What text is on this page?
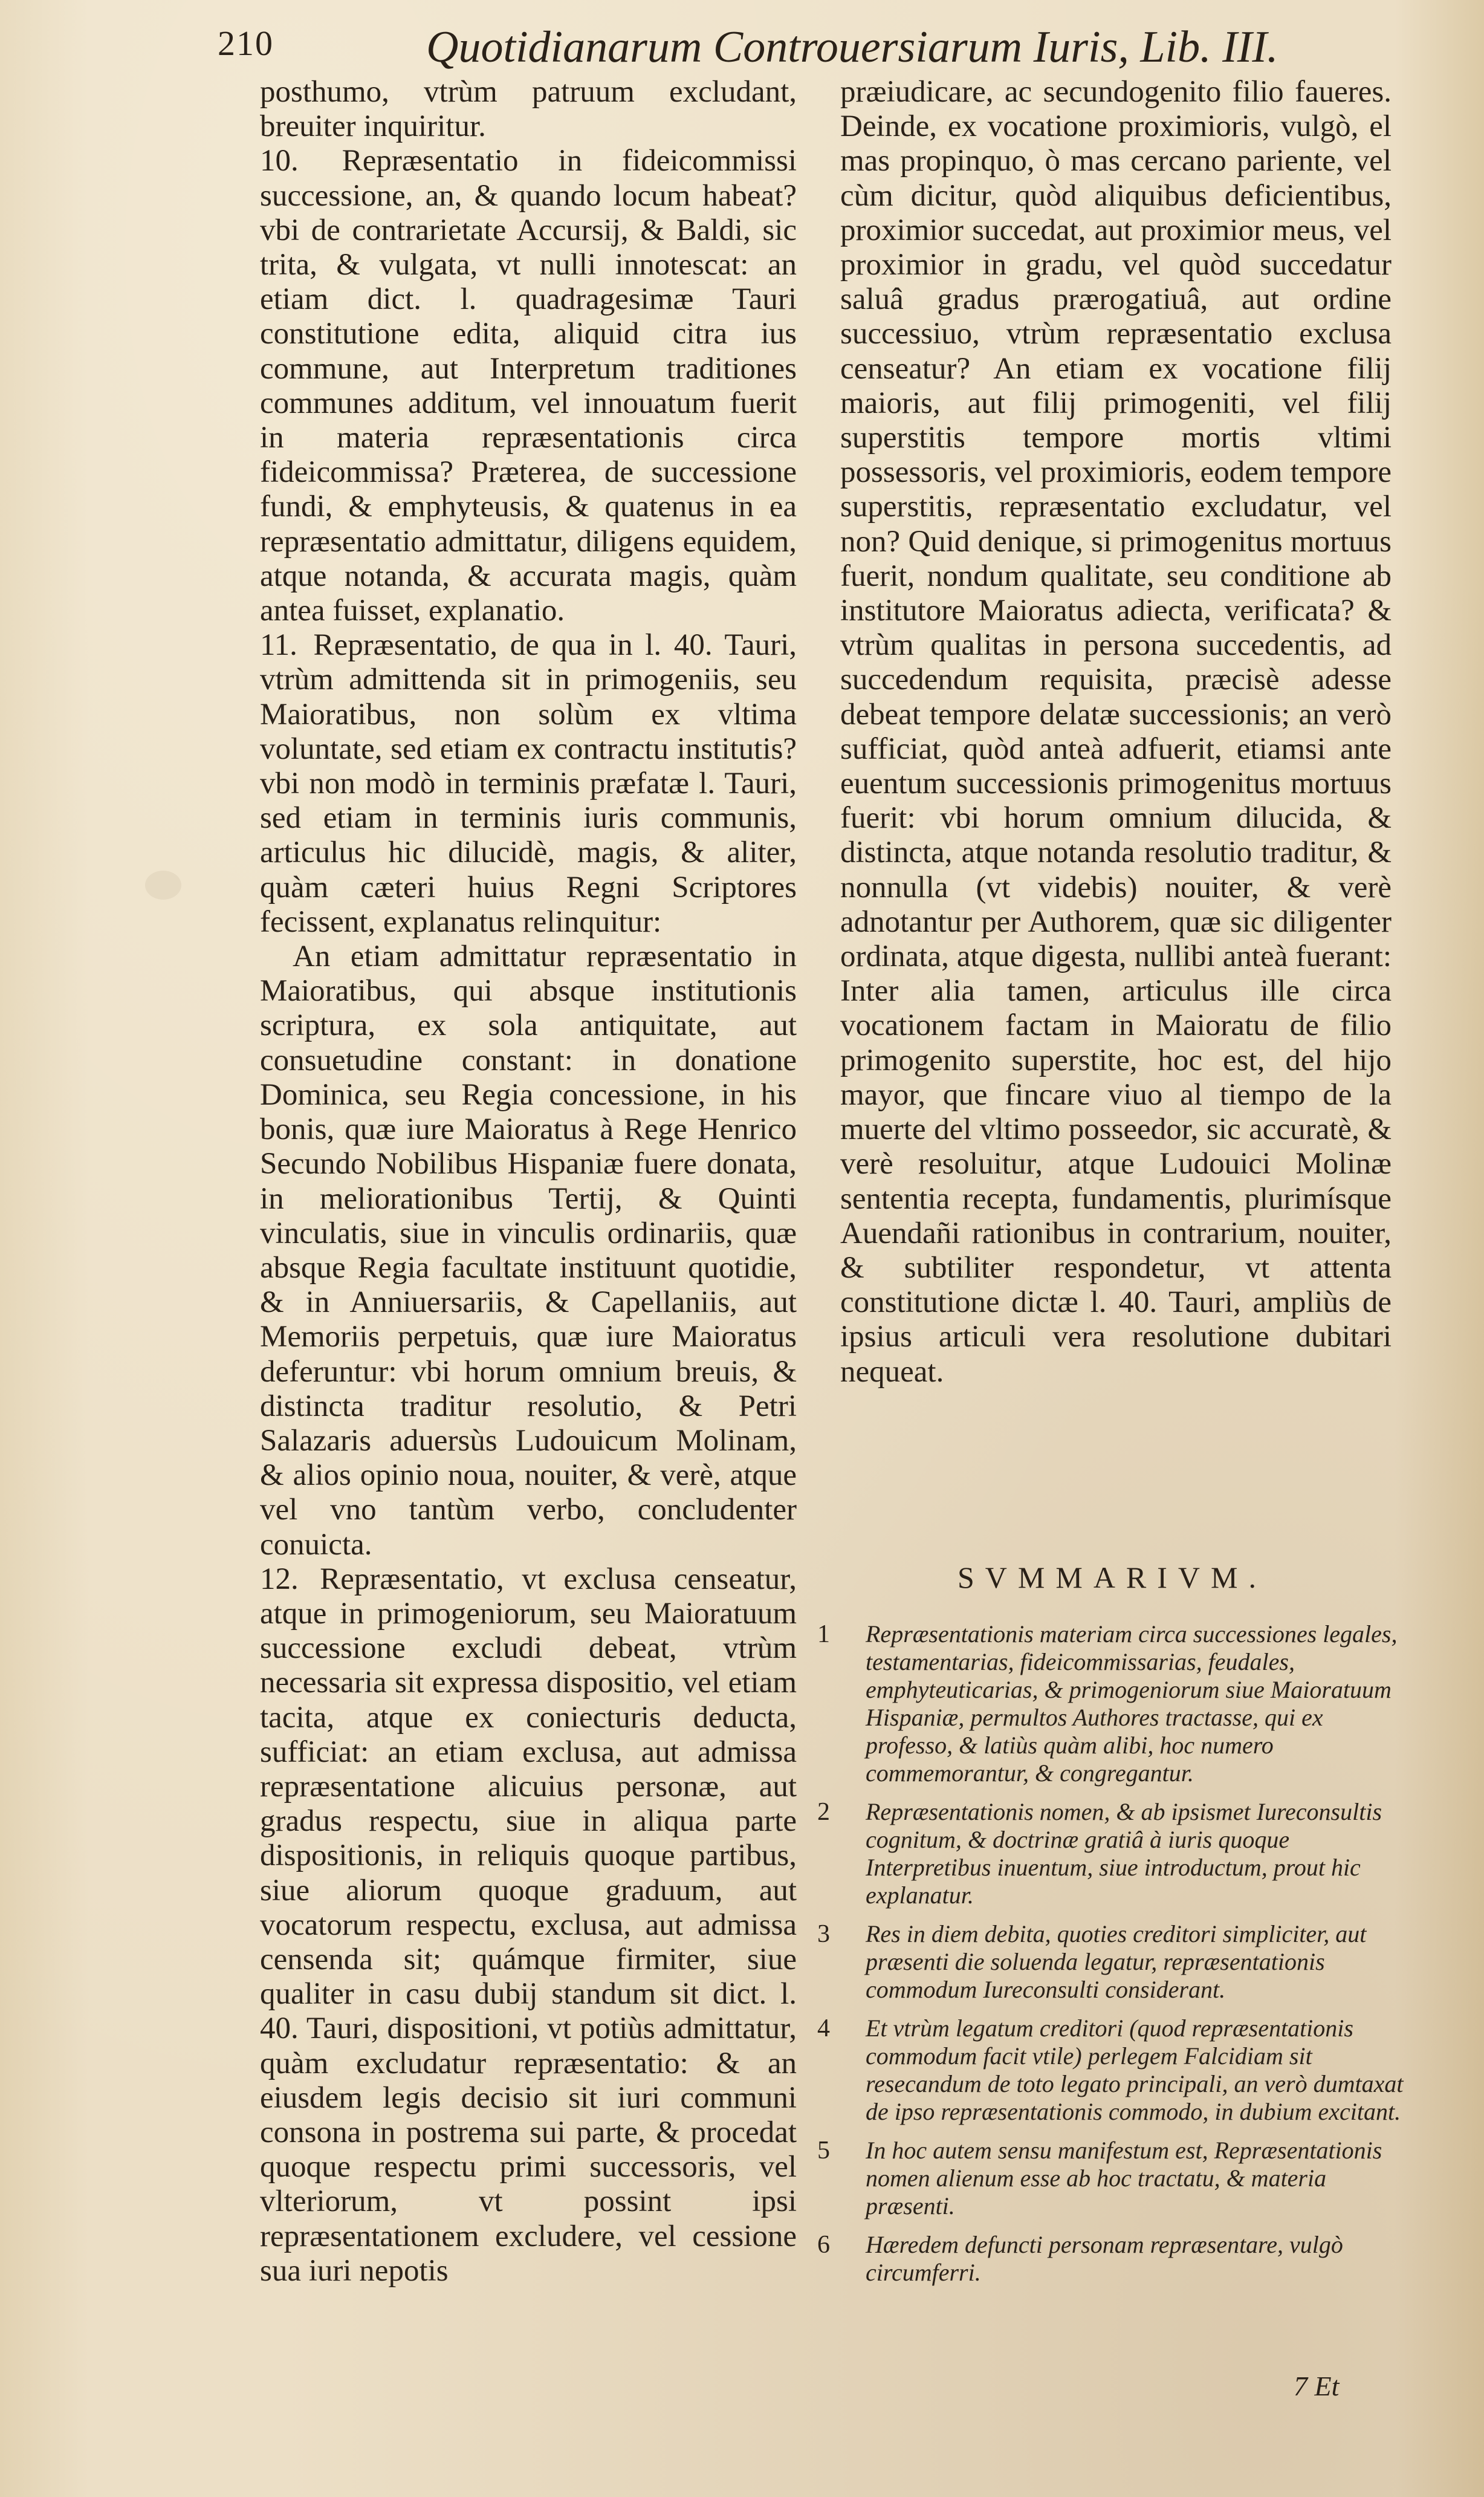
210	Quotidianarum Controuersiarum Iuris, Lib. III.

posthumo, vtrùm patruum excludant, breuiter inquiritur.

10. Repræsentatio in fideicommissi successione, an, & quando locum habeat? vbi de contrarietate Accursij, & Baldi, sic trita, & vulgata, vt nulli innotescat: an etiam dict. l. quadragesimæ Tauri constitutione edita, aliquid citra ius commune, aut Interpretum traditiones communes additum, vel innouatum fuerit in materia repræsentationis circa fideicommissa? Præterea, de successione fundi, & emphyteusis, & quatenus in ea repræsentatio admittatur, diligens equidem, atque notanda, & accurata magis, quàm antea fuisset, explanatio.

11. Repræsentatio, de qua in l. 40. Tauri, vtrùm admittenda sit in primogeniis, seu Maioratibus, non solùm ex vltima voluntate, sed etiam ex contractu institutis? vbi non modò in terminis præfatæ l. Tauri, sed etiam in terminis iuris communis, articulus hic dilucidè, magis, & aliter, quàm cæteri huius Regni Scriptores fecissent, explanatus relinquitur:

An etiam admittatur repræsentatio in Maioratibus, qui absque institutionis scriptura, ex sola antiquitate, aut consuetudine constant: in donatione Dominica, seu Regia concessione, in his bonis, quæ iure Maioratus à Rege Henrico Secundo Nobilibus Hispaniæ fuere donata, in meliorationibus Tertij, & Quinti vinculatis, siue in vinculis ordinariis, quæ absque Regia facultate instituunt quotidie, & in Anniuersariis, & Capellaniis, aut Memoriis perpetuis, quæ iure Maioratus deferuntur: vbi horum omnium breuis, & distincta traditur resolutio, & Petri Salazaris aduersùs Ludouicum Molinam, & alios opinio noua, nouiter, & verè, atque vel vno tantùm verbo, concludenter conuicta.

12. Repræsentatio, vt exclusa censeatur, atque in primogeniorum, seu Maioratuum successione excludi debeat, vtrùm necessaria sit expressa dispositio, vel etiam tacita, atque ex coniecturis deducta, sufficiat: an etiam exclusa, aut admissa repræsentatione alicuius personæ, aut gradus respectu, siue in aliqua parte dispositionis, in reliquis quoque partibus, siue aliorum quoque graduum, aut vocatorum respectu, exclusa, aut admissa censenda sit; quámque firmiter, siue qualiter in casu dubij standum sit dict. l. 40. Tauri, dispositioni, vt potiùs admittatur, quàm excludatur repræsentatio: & an eiusdem legis decisio sit iuri communi consona in postrema sui parte, & procedat quoque respectu primi successoris, vel vlteriorum, vt possint ipsi repræsentationem excludere, vel cessione sua iuri nepotis

præiudicare, ac secundogenito filio faueres. Deinde, ex vocatione proximioris, vulgò, el mas propinquo, ò mas cercano pariente, vel cùm dicitur, quòd aliquibus deficientibus, proximior succedat, aut proximior meus, vel proximior in gradu, vel quòd succedatur saluâ gradus prærogatiuâ, aut ordine successiuo, vtrùm repræsentatio exclusa censeatur? An etiam ex vocatione filij maioris, aut filij primogeniti, vel filij superstitis tempore mortis vltimi possessoris, vel proximioris, eodem tempore superstitis, repræsentatio excludatur, vel non? Quid denique, si primogenitus mortuus fuerit, nondum qualitate, seu conditione ab institutore Maioratus adiecta, verificata? & vtrùm qualitas in persona succedentis, ad succedendum requisita, præcisè adesse debeat tempore delatæ successionis; an verò sufficiat, quòd anteà adfuerit, etiamsi ante euentum successionis primogenitus mortuus fuerit: vbi horum omnium dilucida, & distincta, atque notanda resolutio traditur, & nonnulla (vt videbis) nouiter, & verè adnotantur per Authorem, quæ sic diligenter ordinata, atque digesta, nullibi anteà fuerant: Inter alia tamen, articulus ille circa vocationem factam in Maioratu de filio primogenito superstite, hoc est, del hijo mayor, que fincare viuo al tiempo de la muerte del vltimo posseedor, sic accuratè, & verè resoluitur, atque Ludouici Molinæ sententia recepta, fundamentis, plurimísque Auendañi rationibus in contrarium, nouiter, & subtiliter respondetur, vt attenta constitutione dictæ l. 40. Tauri, ampliùs de ipsius articuli vera resolutione dubitari nequeat.

SVMMARIVM.
1 Repræsentationis materiam circa successiones legales, testamentarias, fideicommissarias, feudales, emphyteuticarias, & primogeniorum siue Maioratuum Hispaniæ, permultos Authores tractasse, qui ex professo, & latiùs quàm alibi, hoc numero commemorantur, & congregantur.
2 Repræsentationis nomen, & ab ipsismet Iureconsultis cognitum, & doctrinæ gratiâ à iuris quoque Interpretibus inuentum, siue introductum, prout hic explanatur.
3 Res in diem debita, quoties creditori simpliciter, aut præsenti die soluenda legatur, repræsentationis commodum Iureconsulti considerant.
4 Et vtrùm legatum creditori (quod repræsentationis commodum facit vtile) perlegem Falcidiam sit resecandum de toto legato principali, an verò dumtaxat de ipso repræsentationis commodo, in dubium excitant.
5 In hoc autem sensu manifestum est, Repræsentationis nomen alienum esse ab hoc tractatu, & materia præsenti.
6 Hæredem defuncti personam repræsentare, vulgò circumferri.
7 Et
